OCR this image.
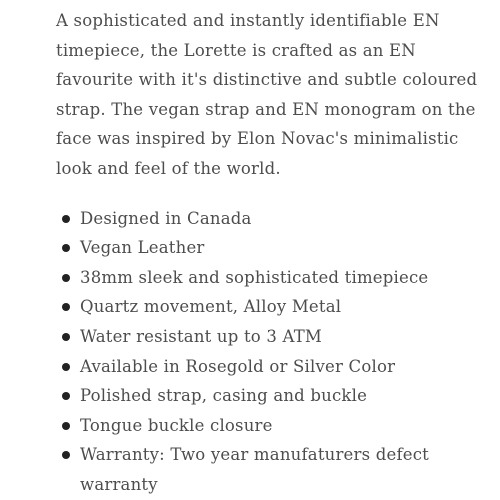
A sophisticated and instantly identifiable EN timepiece, the Lorette is crafted as an EN favourite with it's distinctive and subtle coloured strap. The vegan strap and EN monogram on the face was inspired by Elon Novac's minimalistic look and feel of the world.

Designed in Canada
Vegan Leather
38mm sleek and sophisticated timepiece
Quartz movement, Alloy Metal
Water resistant up to 3 ATM
Available in Rosegold or Silver Color
Polished strap, casing and buckle
Tongue buckle closure
Warranty: Two year manufaturers defect warranty
